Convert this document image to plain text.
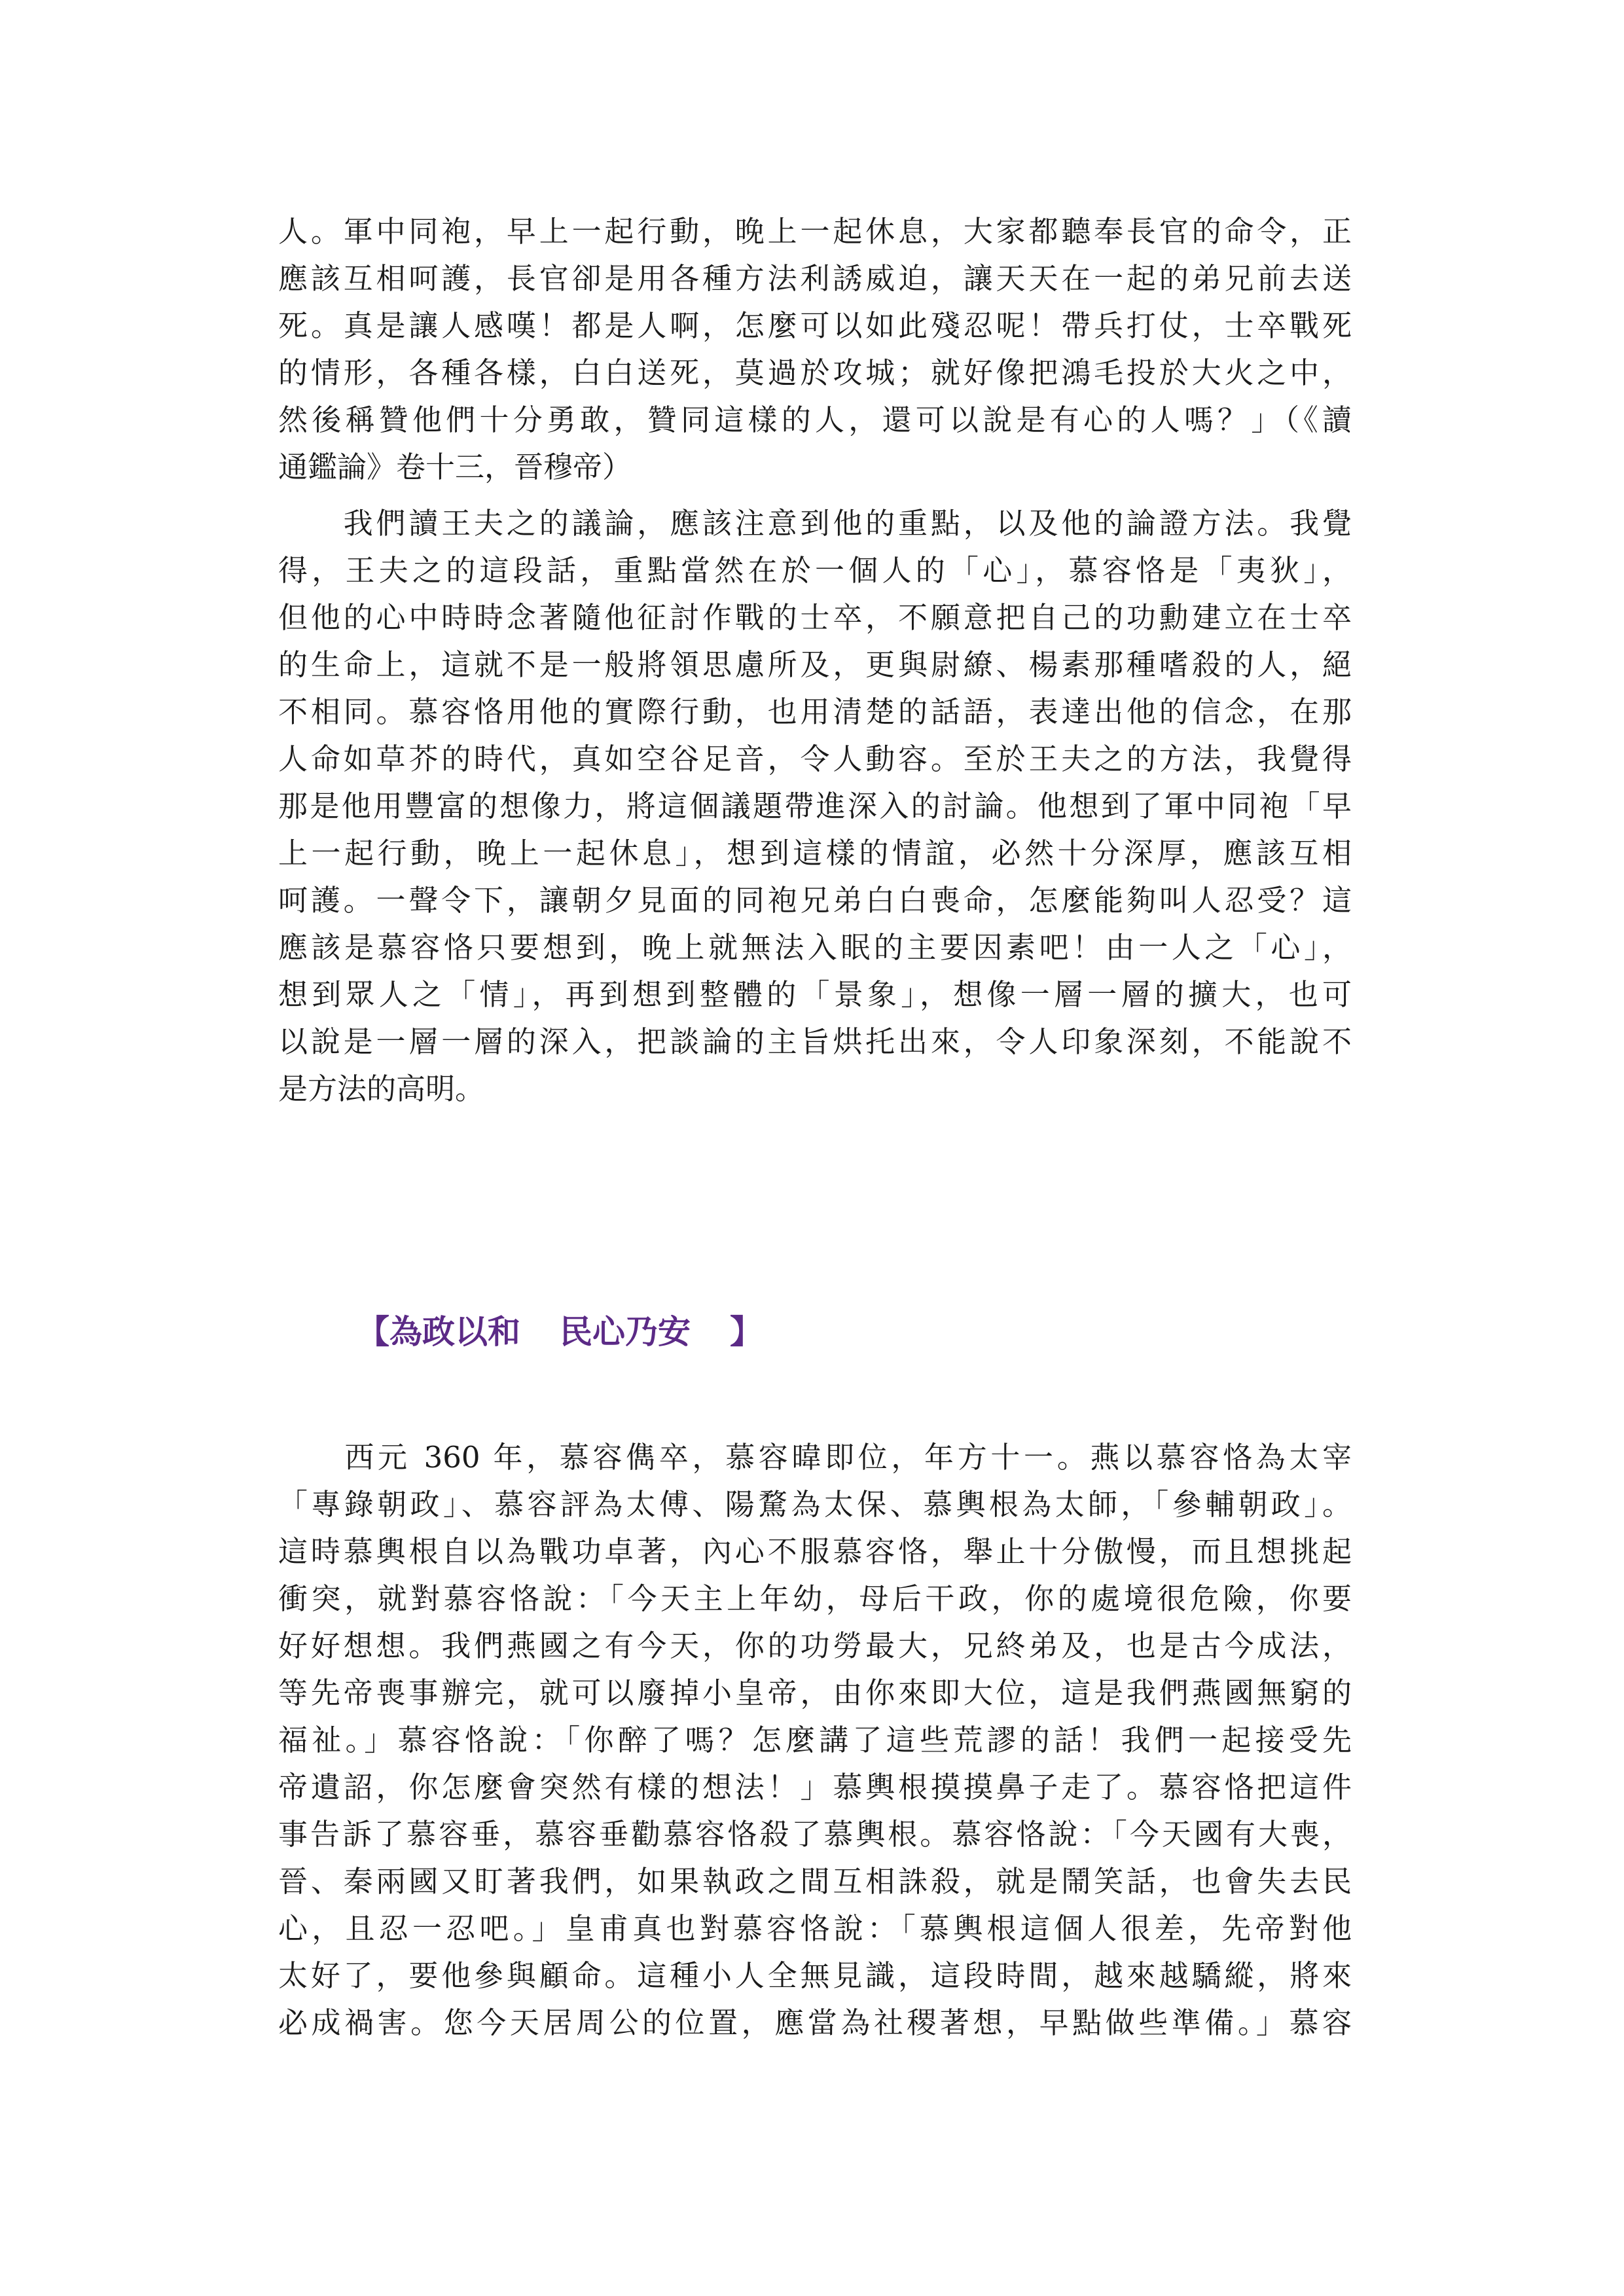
人。軍中同袍，早上一起行動，晚上一起休息，大家都聽奉長官的命令，正
應該互相呵護，長官卻是用各種方法利誘威迫，讓天天在一起的弟兄前去送
死。真是讓人感嘆！都是人啊，怎麼可以如此殘忍呢！帶兵打仗，士卒戰死
的情形，各種各樣，白白送死，莫過於攻城；就好像把鴻毛投於大火之中，
然後稱贊他們十分勇敢，贊同這樣的人，還可以說是有心的人嗎？」（《讀
通鑑論》卷十三，晉穆帝）
　　我們讀王夫之的議論，應該注意到他的重點，以及他的論證方法。我覺
得，王夫之的這段話，重點當然在於一個人的「心」，慕容恪是「夷狄」，
但他的心中時時念著隨他征討作戰的士卒，不願意把自己的功勳建立在士卒
的生命上，這就不是一般將領思慮所及，更與尉繚、楊素那種嗜殺的人，絕
不相同。慕容恪用他的實際行動，也用清楚的話語，表達出他的信念，在那
人命如草芥的時代，真如空谷足音，令人動容。至於王夫之的方法，我覺得
那是他用豐富的想像力，將這個議題帶進深入的討論。他想到了軍中同袍「早
上一起行動，晚上一起休息」，想到這樣的情誼，必然十分深厚，應該互相
呵護。一聲令下，讓朝夕見面的同袍兄弟白白喪命，怎麼能夠叫人忍受？這
應該是慕容恪只要想到，晚上就無法入眠的主要因素吧！由一人之「心」，
想到眾人之「情」，再到想到整體的「景象」，想像一層一層的擴大，也可
以說是一層一層的深入，把談論的主旨烘托出來，令人印象深刻，不能說不
是方法的高明。
【為政以和 民心乃安 】
　　西元 360 年，慕容儁卒，慕容暐即位，年方十一。燕以慕容恪為太宰
「專錄朝政」、慕容評為太傅、陽騖為太保、慕輿根為太師，「參輔朝政」。
這時慕輿根自以為戰功卓著，內心不服慕容恪，舉止十分傲慢，而且想挑起
衝突，就對慕容恪說：「今天主上年幼，母后干政，你的處境很危險，你要
好好想想。我們燕國之有今天，你的功勞最大，兄終弟及，也是古今成法，
等先帝喪事辦完，就可以廢掉小皇帝，由你來即大位，這是我們燕國無窮的
福祉。」慕容恪說：「你醉了嗎？怎麼講了這些荒謬的話！我們一起接受先
帝遺詔，你怎麼會突然有樣的想法！」慕輿根摸摸鼻子走了。慕容恪把這件
事告訴了慕容垂，慕容垂勸慕容恪殺了慕輿根。慕容恪說：「今天國有大喪，
晉、秦兩國又盯著我們，如果執政之間互相誅殺，就是鬧笑話，也會失去民
心，且忍一忍吧。」皇甫真也對慕容恪說：「慕輿根這個人很差，先帝對他
太好了，要他參與顧命。這種小人全無見識，這段時間，越來越驕縱，將來
必成禍害。您今天居周公的位置，應當為社稷著想，早點做些準備。」慕容
